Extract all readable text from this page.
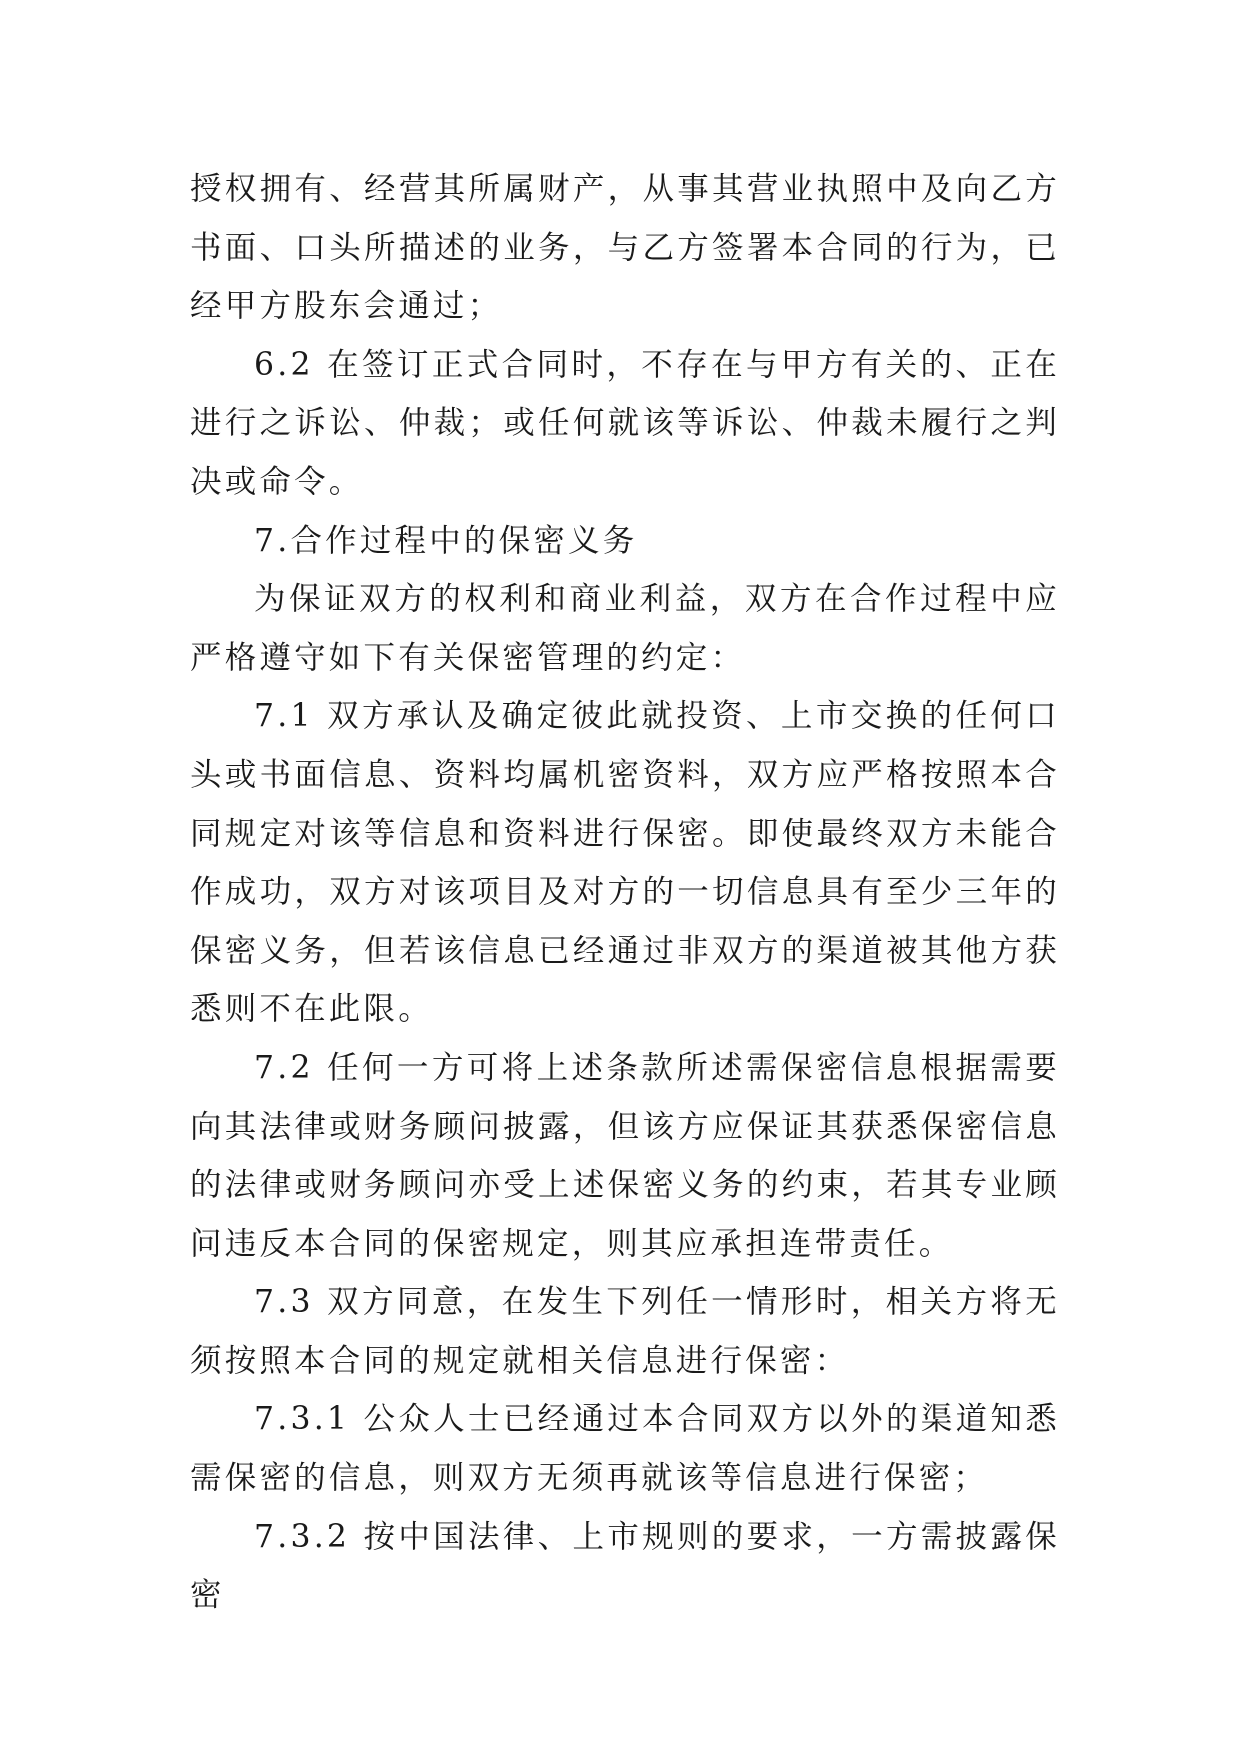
授权拥有、经营其所属财产，从事其营业执照中及向乙方书面、口头所描述的业务，与乙方签署本合同的行为，已经甲方股东会通过；

6.2 在签订正式合同时，不存在与甲方有关的、正在进行之诉讼、仲裁；或任何就该等诉讼、仲裁未履行之判决或命令。

7.合作过程中的保密义务

为保证双方的权利和商业利益，双方在合作过程中应严格遵守如下有关保密管理的约定：

7.1 双方承认及确定彼此就投资、上市交换的任何口头或书面信息、资料均属机密资料，双方应严格按照本合同规定对该等信息和资料进行保密。即使最终双方未能合作成功，双方对该项目及对方的一切信息具有至少三年的保密义务，但若该信息已经通过非双方的渠道被其他方获悉则不在此限。

7.2 任何一方可将上述条款所述需保密信息根据需要向其法律或财务顾问披露，但该方应保证其获悉保密信息的法律或财务顾问亦受上述保密义务的约束，若其专业顾问违反本合同的保密规定，则其应承担连带责任。

7.3 双方同意，在发生下列任一情形时，相关方将无须按照本合同的规定就相关信息进行保密：

7.3.1 公众人士已经通过本合同双方以外的渠道知悉需保密的信息，则双方无须再就该等信息进行保密；

7.3.2 按中国法律、上市规则的要求，一方需披露保密
